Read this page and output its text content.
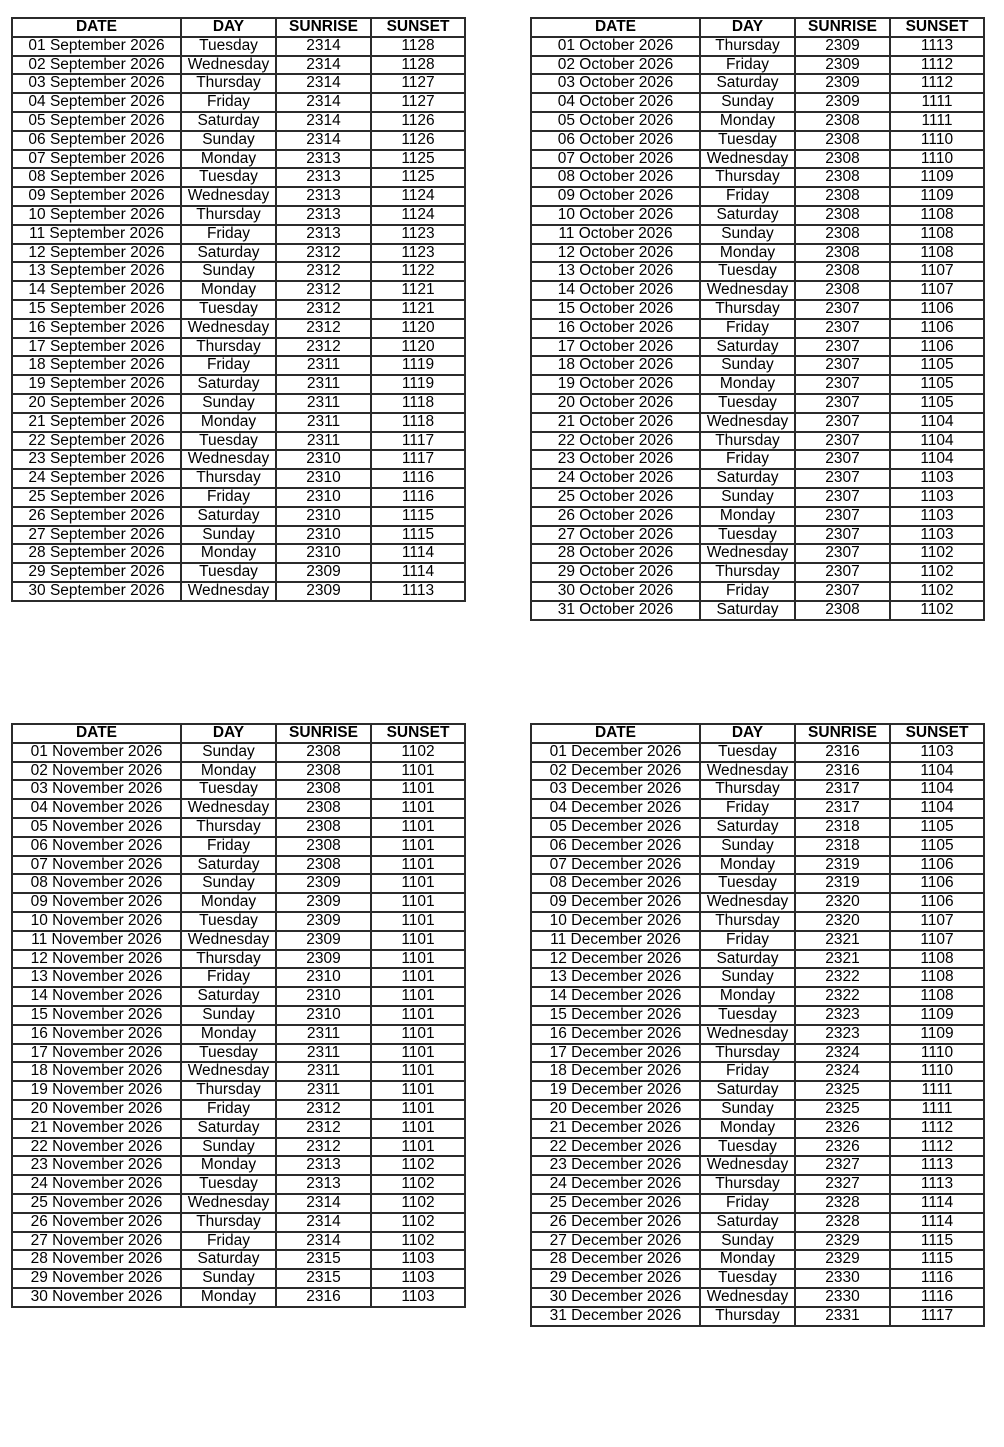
DATE	DAY	SUNRISE	SUNSET
01 September 2026	Tuesday	2314	1128
02 September 2026	Wednesday	2314	1128
03 September 2026	Thursday	2314	1127
04 September 2026	Friday	2314	1127
05 September 2026	Saturday	2314	1126
06 September 2026	Sunday	2314	1126
07 September 2026	Monday	2313	1125
08 September 2026	Tuesday	2313	1125
09 September 2026	Wednesday	2313	1124
10 September 2026	Thursday	2313	1124
11 September 2026	Friday	2313	1123
12 September 2026	Saturday	2312	1123
13 September 2026	Sunday	2312	1122
14 September 2026	Monday	2312	1121
15 September 2026	Tuesday	2312	1121
16 September 2026	Wednesday	2312	1120
17 September 2026	Thursday	2312	1120
18 September 2026	Friday	2311	1119
19 September 2026	Saturday	2311	1119
20 September 2026	Sunday	2311	1118
21 September 2026	Monday	2311	1118
22 September 2026	Tuesday	2311	1117
23 September 2026	Wednesday	2310	1117
24 September 2026	Thursday	2310	1116
25 September 2026	Friday	2310	1116
26 September 2026	Saturday	2310	1115
27 September 2026	Sunday	2310	1115
28 September 2026	Monday	2310	1114
29 September 2026	Tuesday	2309	1114
30 September 2026	Wednesday	2309	1113
DATE	DAY	SUNRISE	SUNSET
01 October 2026	Thursday	2309	1113
02 October 2026	Friday	2309	1112
03 October 2026	Saturday	2309	1112
04 October 2026	Sunday	2309	1111
05 October 2026	Monday	2308	1111
06 October 2026	Tuesday	2308	1110
07 October 2026	Wednesday	2308	1110
08 October 2026	Thursday	2308	1109
09 October 2026	Friday	2308	1109
10 October 2026	Saturday	2308	1108
11 October 2026	Sunday	2308	1108
12 October 2026	Monday	2308	1108
13 October 2026	Tuesday	2308	1107
14 October 2026	Wednesday	2308	1107
15 October 2026	Thursday	2307	1106
16 October 2026	Friday	2307	1106
17 October 2026	Saturday	2307	1106
18 October 2026	Sunday	2307	1105
19 October 2026	Monday	2307	1105
20 October 2026	Tuesday	2307	1105
21 October 2026	Wednesday	2307	1104
22 October 2026	Thursday	2307	1104
23 October 2026	Friday	2307	1104
24 October 2026	Saturday	2307	1103
25 October 2026	Sunday	2307	1103
26 October 2026	Monday	2307	1103
27 October 2026	Tuesday	2307	1103
28 October 2026	Wednesday	2307	1102
29 October 2026	Thursday	2307	1102
30 October 2026	Friday	2307	1102
31 October 2026	Saturday	2308	1102
DATE	DAY	SUNRISE	SUNSET
01 November 2026	Sunday	2308	1102
02 November 2026	Monday	2308	1101
03 November 2026	Tuesday	2308	1101
04 November 2026	Wednesday	2308	1101
05 November 2026	Thursday	2308	1101
06 November 2026	Friday	2308	1101
07 November 2026	Saturday	2308	1101
08 November 2026	Sunday	2309	1101
09 November 2026	Monday	2309	1101
10 November 2026	Tuesday	2309	1101
11 November 2026	Wednesday	2309	1101
12 November 2026	Thursday	2309	1101
13 November 2026	Friday	2310	1101
14 November 2026	Saturday	2310	1101
15 November 2026	Sunday	2310	1101
16 November 2026	Monday	2311	1101
17 November 2026	Tuesday	2311	1101
18 November 2026	Wednesday	2311	1101
19 November 2026	Thursday	2311	1101
20 November 2026	Friday	2312	1101
21 November 2026	Saturday	2312	1101
22 November 2026	Sunday	2312	1101
23 November 2026	Monday	2313	1102
24 November 2026	Tuesday	2313	1102
25 November 2026	Wednesday	2314	1102
26 November 2026	Thursday	2314	1102
27 November 2026	Friday	2314	1102
28 November 2026	Saturday	2315	1103
29 November 2026	Sunday	2315	1103
30 November 2026	Monday	2316	1103
DATE	DAY	SUNRISE	SUNSET
01 December 2026	Tuesday	2316	1103
02 December 2026	Wednesday	2316	1104
03 December 2026	Thursday	2317	1104
04 December 2026	Friday	2317	1104
05 December 2026	Saturday	2318	1105
06 December 2026	Sunday	2318	1105
07 December 2026	Monday	2319	1106
08 December 2026	Tuesday	2319	1106
09 December 2026	Wednesday	2320	1106
10 December 2026	Thursday	2320	1107
11 December 2026	Friday	2321	1107
12 December 2026	Saturday	2321	1108
13 December 2026	Sunday	2322	1108
14 December 2026	Monday	2322	1108
15 December 2026	Tuesday	2323	1109
16 December 2026	Wednesday	2323	1109
17 December 2026	Thursday	2324	1110
18 December 2026	Friday	2324	1110
19 December 2026	Saturday	2325	1111
20 December 2026	Sunday	2325	1111
21 December 2026	Monday	2326	1112
22 December 2026	Tuesday	2326	1112
23 December 2026	Wednesday	2327	1113
24 December 2026	Thursday	2327	1113
25 December 2026	Friday	2328	1114
26 December 2026	Saturday	2328	1114
27 December 2026	Sunday	2329	1115
28 December 2026	Monday	2329	1115
29 December 2026	Tuesday	2330	1116
30 December 2026	Wednesday	2330	1116
31 December 2026	Thursday	2331	1117
